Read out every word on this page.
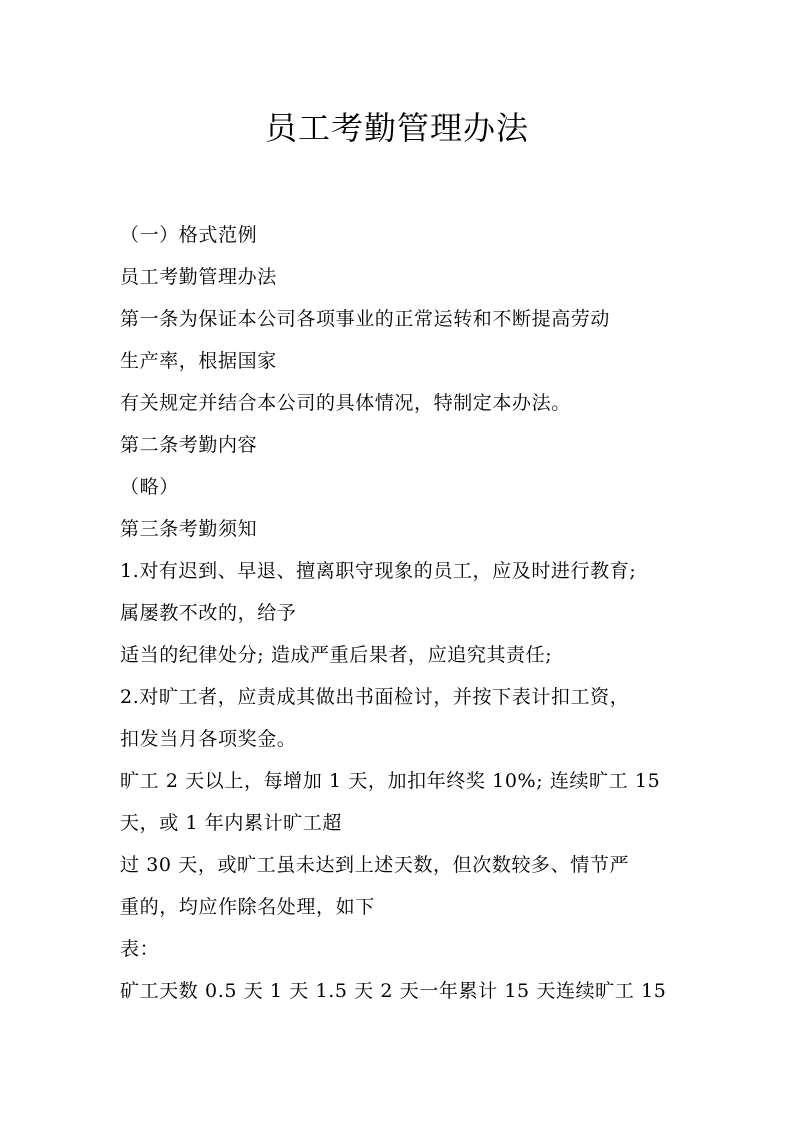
员工考勤管理办法

（一）格式范例

员工考勤管理办法

第一条为保证本公司各项事业的正常运转和不断提高劳动

生产率，根据国家

有关规定并结合本公司的具体情况，特制定本办法。

第二条考勤内容

（略）

第三条考勤须知

1.对有迟到、早退、擅离职守现象的员工，应及时进行教育;

属屡教不改的，给予

适当的纪律处分; 造成严重后果者，应追究其责任;

2.对旷工者，应责成其做出书面检讨，并按下表计扣工资，

扣发当月各项奖金。

旷工 2 天以上，每增加 1 天，加扣年终奖 10%; 连续旷工 15

天，或 1 年内累计旷工超

过 30 天，或旷工虽未达到上述天数，但次数较多、情节严

重的，均应作除名处理，如下

表：

矿工天数 0.5 天 1 天 1.5 天 2 天一年累计 15 天连续旷工 15
